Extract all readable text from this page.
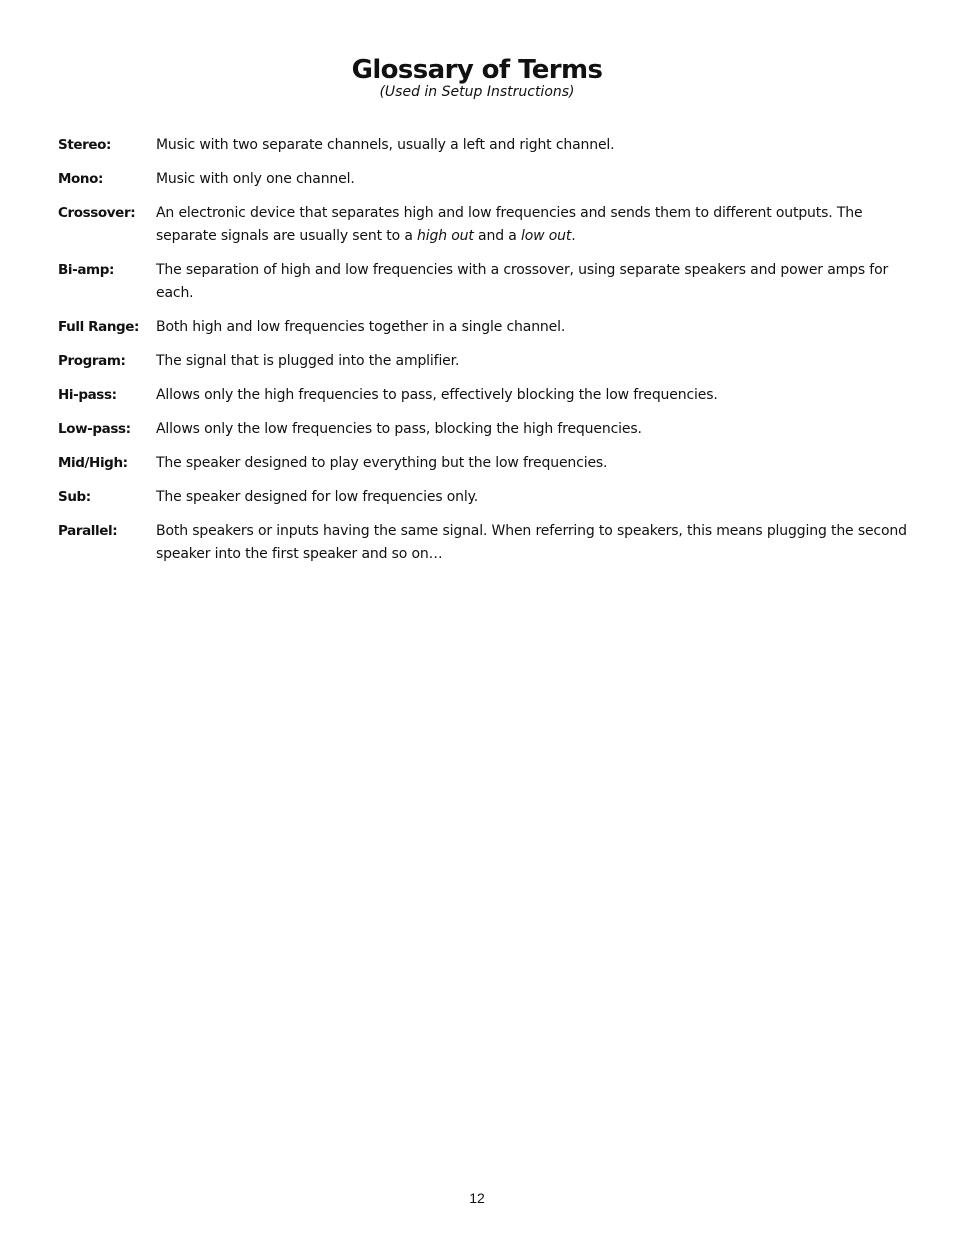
Glossary of Terms
(Used in Setup Instructions)
Stereo:	Music with two separate channels, usually a left and right channel.
Mono:	Music with only one channel.
Crossover:	An electronic device that separates high and low frequencies and sends them to different outputs. The separate signals are usually sent to a high out and a low out.
Bi-amp:	The separation of high and low frequencies with a crossover, using separate speakers and power amps for each.
Full Range:	Both high and low frequencies together in a single channel.
Program:	The signal that is plugged into the amplifier.
Hi-pass:	Allows only the high frequencies to pass, effectively blocking the low frequencies.
Low-pass:	Allows only the low frequencies to pass, blocking the high frequencies.
Mid/High:	The speaker designed to play everything but the low frequencies.
Sub:	The speaker designed for low frequencies only.
Parallel:	Both speakers or inputs having the same signal. When referring to speakers, this means plugging the second speaker into the first speaker and so on…
12
